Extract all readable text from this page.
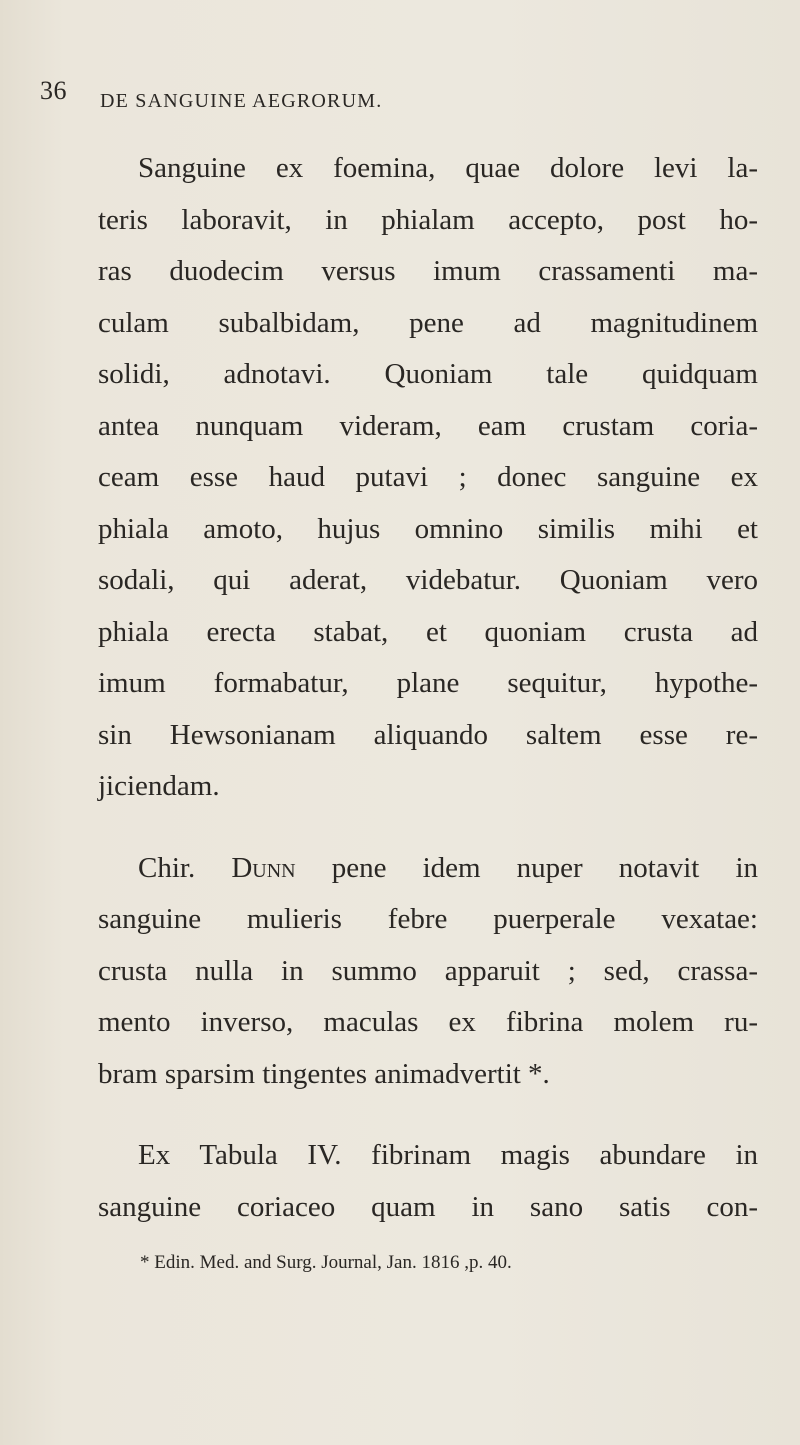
36 DE SANGUINE AEGRORUM.
Sanguine ex foemina, quae dolore levi la-
teris laboravit, in phialam accepto, post ho-
ras duodecim versus imum crassamenti ma-
culam subalbidam, pene ad magnitudinem
solidi, adnotavi. Quoniam tale quidquam
antea nunquam videram, eam crustam coria-
ceam esse haud putavi ; donec sanguine ex
phiala amoto, hujus omnino similis mihi et
sodali, qui aderat, videbatur. Quoniam vero
phiala erecta stabat, et quoniam crusta ad
imum formabatur, plane sequitur, hypothe-
sin Hewsonianam aliquando saltem esse re-
jiciendam.
Chir. Dunn pene idem nuper notavit in
sanguine mulieris febre puerperale vexatae:
crusta nulla in summo apparuit ; sed, crassa-
mento inverso, maculas ex fibrina molem ru-
bram sparsim tingentes animadvertit *.
Ex Tabula IV. fibrinam magis abundare in
sanguine coriaceo quam in sano satis con-
* Edin. Med. and Surg. Journal, Jan. 1816 ,p. 40.
